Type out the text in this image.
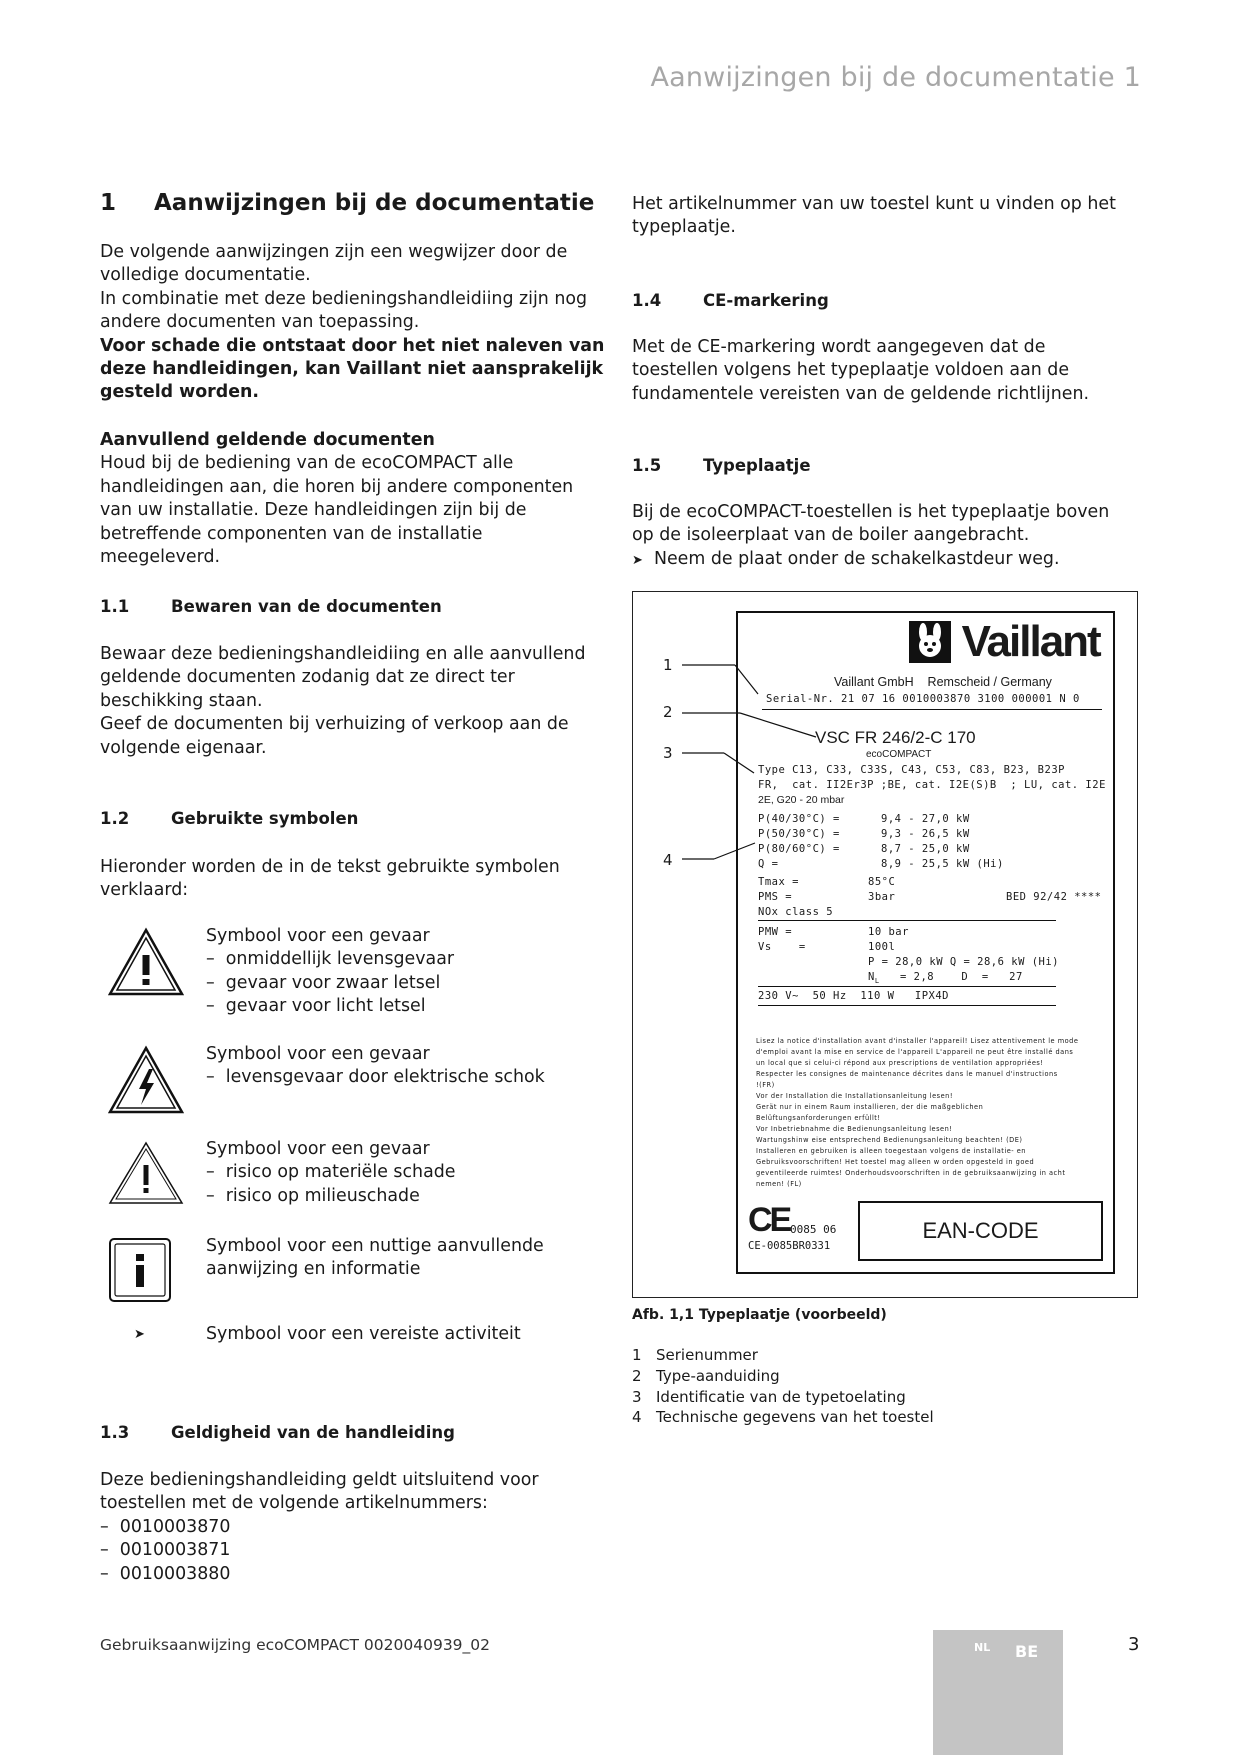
Aanwijzingen bij de documentatie 1
1 Aanwijzingen bij de documentatie
De volgende aanwijzingen zijn een wegwijzer door de volledige documentatie.
In combinatie met deze bedieningshandleidiing zijn nog andere documenten van toepassing.
Voor schade die ontstaat door het niet naleven van deze handleidingen, kan Vaillant niet aansprakelijk gesteld worden.
Aanvullend geldende documenten
Houd bij de bediening van de ecoCOMPACT alle handleidingen aan, die horen bij andere componenten van uw installatie. Deze handleidingen zijn bij de betreffende componenten van de installatie meegeleverd.
1.1	Bewaren van de documenten
Bewaar deze bedieningshandleidiing en alle aanvullend geldende documenten zodanig dat ze direct ter beschikking staan.
Geef de documenten bij verhuizing of verkoop aan de volgende eigenaar.
1.2	Gebruikte symbolen
Hieronder worden de in de tekst gebruikte symbolen verklaard:
Symbool voor een gevaar
–  onmiddellijk levensgevaar
–  gevaar voor zwaar letsel
–  gevaar voor licht letsel
Symbool voor een gevaar
–  levensgevaar door elektrische schok
Symbool voor een gevaar
–  risico op materiële schade
–  risico op milieuschade
Symbool voor een nuttige aanvullende aanwijzing en informatie
➤	Symbool voor een vereiste activiteit
1.3	Geldigheid van de handleiding
Deze bedieningshandleiding geldt uitsluitend voor toestellen met de volgende artikelnummers:
–  0010003870
–  0010003871
–  0010003880
Het artikelnummer van uw toestel kunt u vinden op het typeplaatje.
1.4	CE-markering
Met de CE-markering wordt aangegeven dat de toestellen volgens het typeplaatje voldoen aan de fundamentele vereisten van de geldende richtlijnen.
1.5	Typeplaatje
Bij de ecoCOMPACT-toestellen is het typeplaatje boven op de isoleerplaat van de boiler aangebracht.
➤ Neem de plaat onder de schakelkastdeur weg.
1
2
3
4
Vaillant
Vaillant GmbH    Remscheid / Germany
Serial-Nr. 21 07 16 0010003870 3100 000001 N 0
VSC FR 246/2-C 170
ecoCOMPACT
Type C13, C33, C33S, C43, C53, C83, B23, B23P
FR,  cat. II2Er3P ;BE, cat. I2E(S)B  ; LU, cat. I2E
2E, G20 - 20 mbar
P(40/30°C) =	9,4 - 27,0 kW
P(50/30°C) =	9,3 - 26,5 kW
P(80/60°C) =	8,7 - 25,0 kW
Q =	8,9 - 25,5 kW (Hi)
Tmax =	85°C
PMS =	3bar	BED 92/42 ****
NOx class 5
PMW =	10 bar
Vs    =	100l
P = 28,0 kW Q = 28,6 kW (Hi)
$N_L = 2,8$    D  =   27
230 V~  50 Hz  110 W   IPX4D
Lisez la notice d'installation avant d'installer l'appareil! Lisez attentivement le mode
d'emploi avant la mise en service de l'appareil L'appareil ne peut être installé dans
un local que si celui-ci répond aux prescriptions de ventilation appropriées!
Respecter les consignes de maintenance décrites dans le manuel d'instructions
!(FR)
Vor der Installation die Installationsanleitung lesen!
Gerät nur in einem Raum installieren, der die maßgeblichen
Belüftungsanforderungen erfüllt!
Vor Inbetriebnahme die Bedienungsanleitung lesen!
Wartungshinw eise entsprechend Bedienungsanleitung beachten! (DE)
Installeren en gebruiken is alleen toegestaan volgens de installatie- en
Gebruiksvoorschriften! Het toestel mag alleen w orden opgesteld in goed
geventileerde ruimtes! Onderhoudsvoorschriften in de gebruiksaanwijzing in acht
nemen! (FL)
CE 0085 06
CE-0085BR0331
EAN-CODE
Afb. 1,1 Typeplaatje (voorbeeld)
1 Serienummer
2 Type-aanduiding
3 Identificatie van de typetoelating
4 Technische gegevens van het toestel
Gebruiksaanwijzing ecoCOMPACT 0020040939_02	BE
NL	3
